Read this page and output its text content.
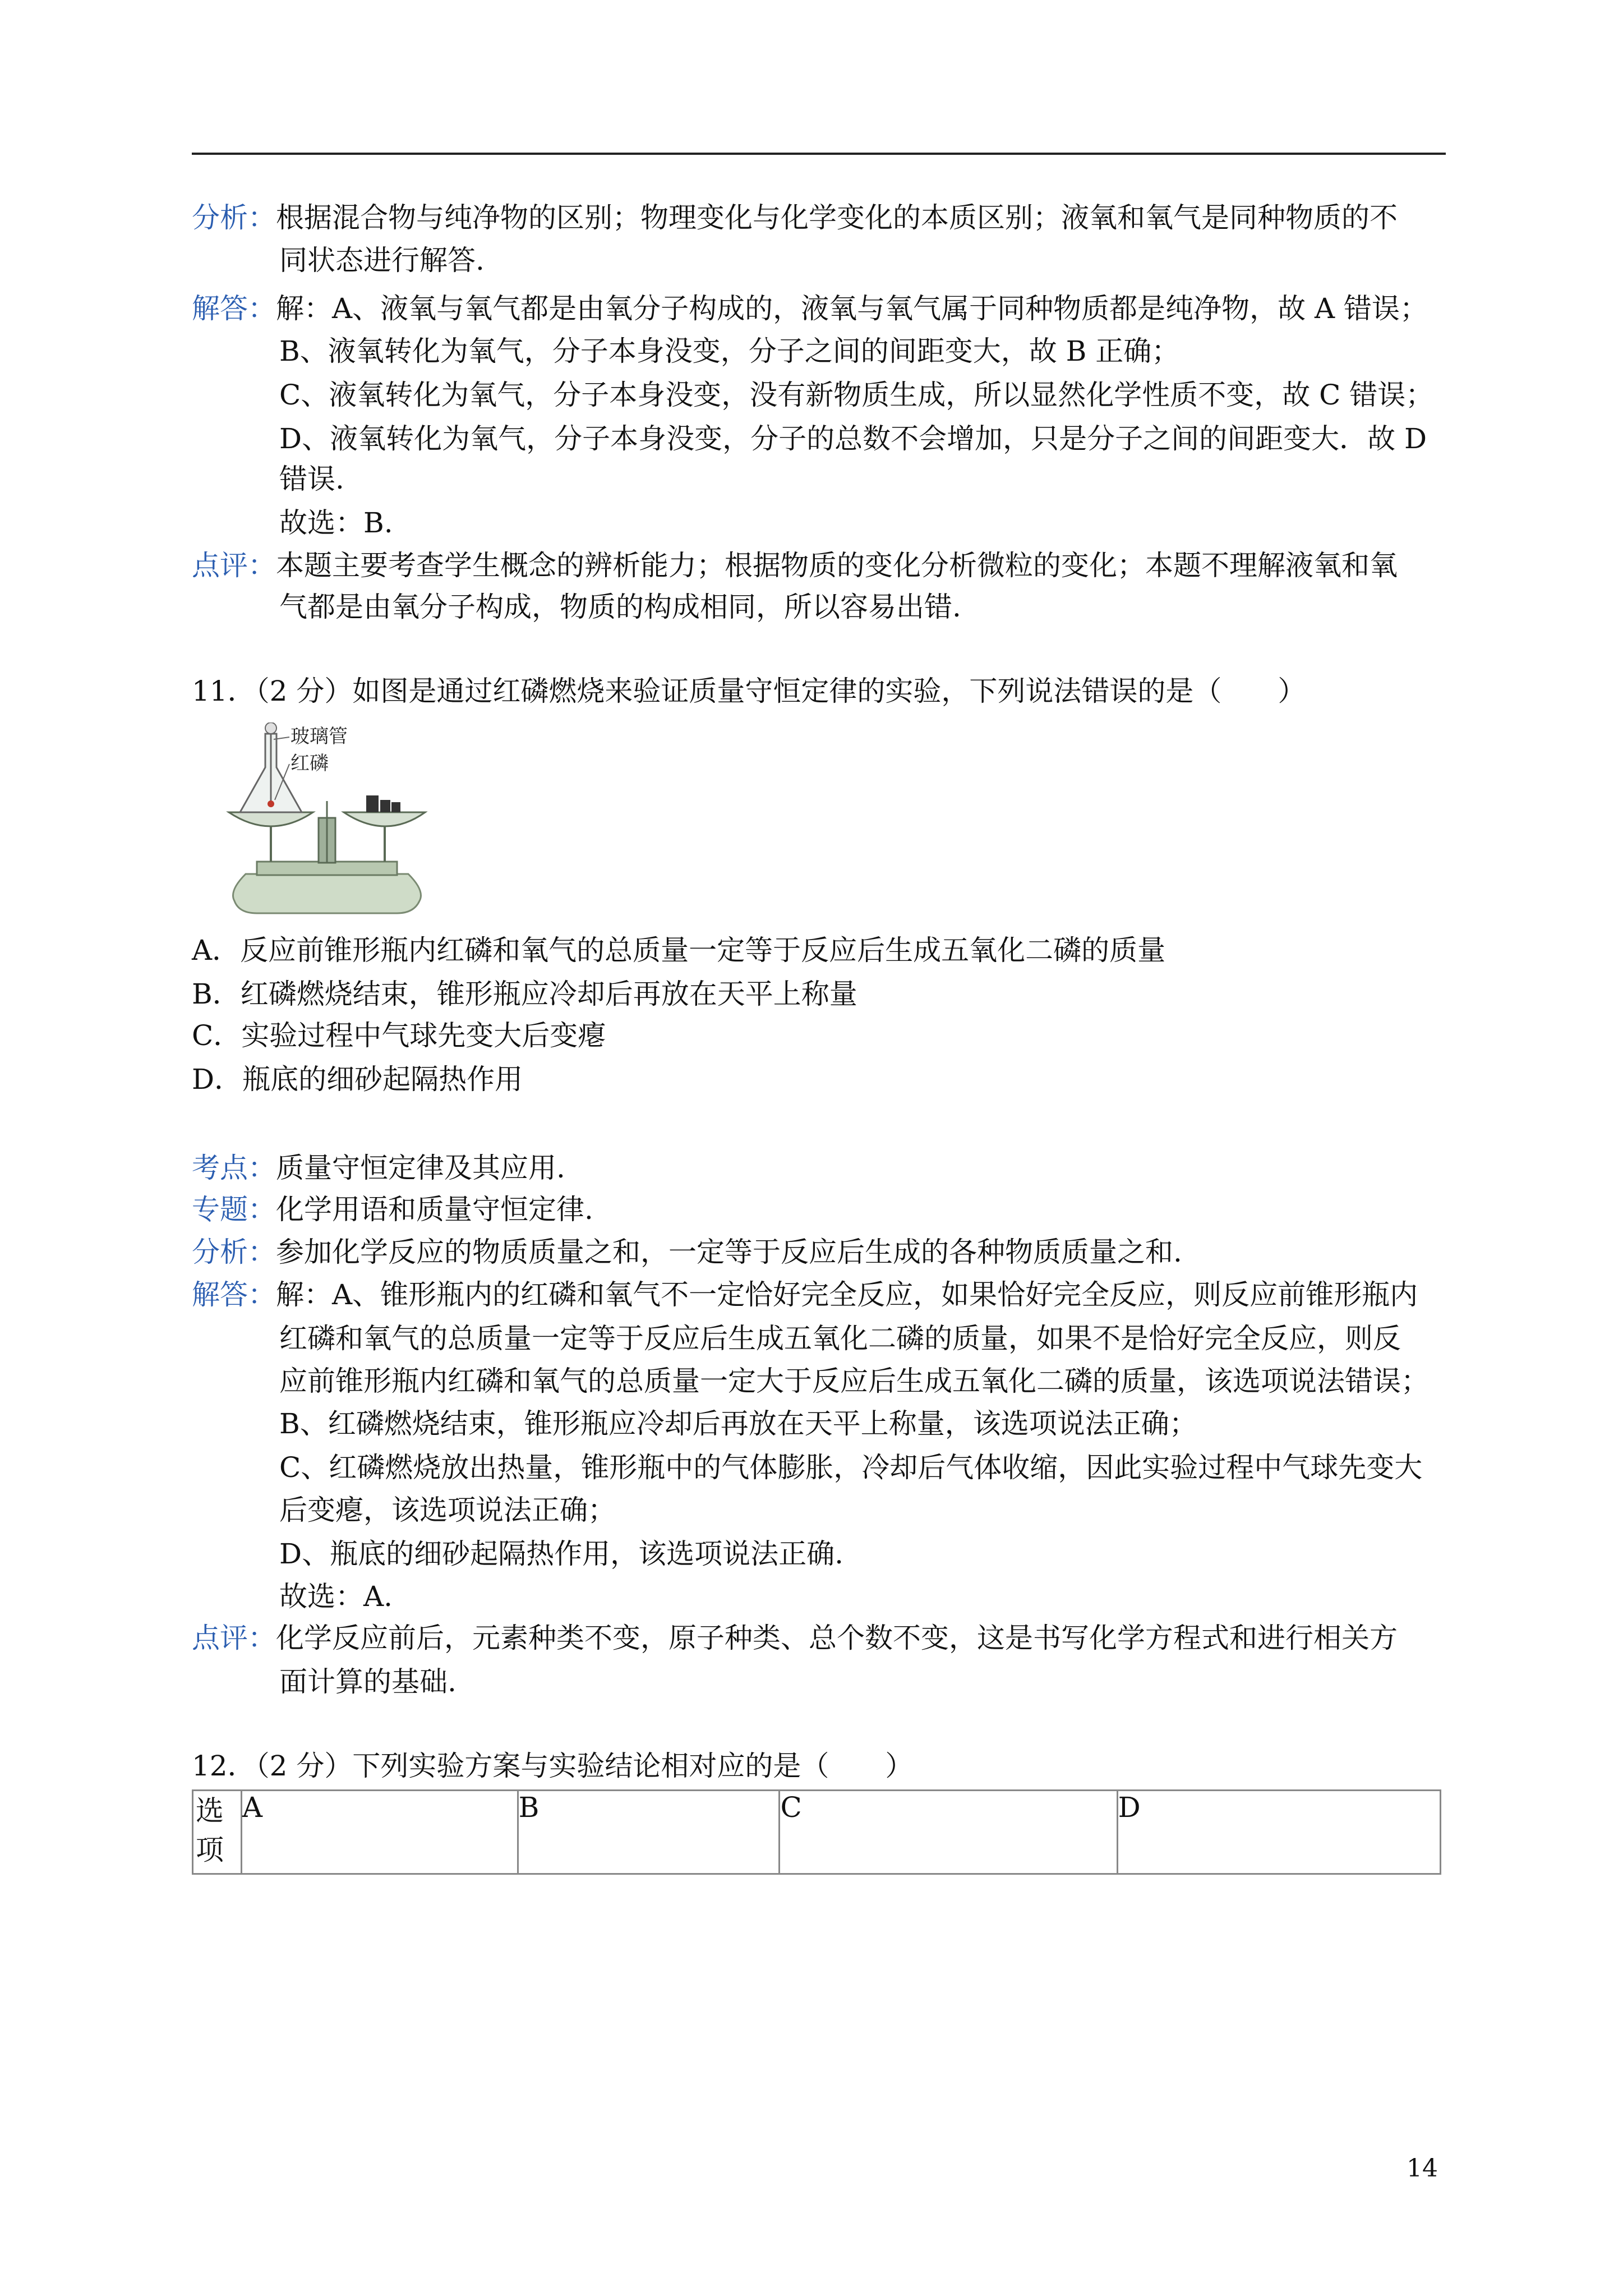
分析：根据混合物与纯净物的区别；物理变化与化学变化的本质区别；液氧和氧气是同种物质的不
同状态进行解答.
解答：解：A、液氧与氧气都是由氧分子构成的，液氧与氧气属于同种物质都是纯净物，故 A 错误；
B、液氧转化为氧气，分子本身没变，分子之间的间距变大，故 B 正确；
C、液氧转化为氧气，分子本身没变，没有新物质生成，所以显然化学性质不变，故 C 错误；
D、液氧转化为氧气，分子本身没变，分子的总数不会增加，只是分子之间的间距变大．故 D
错误.
故选：B.
点评：本题主要考查学生概念的辨析能力；根据物质的变化分析微粒的变化；本题不理解液氧和氧
气都是由氧分子构成，物质的构成相同，所以容易出错.
11．（2 分）如图是通过红磷燃烧来验证质量守恒定律的实验，下列说法错误的是（　　）
玻璃管
红磷
A．反应前锥形瓶内红磷和氧气的总质量一定等于反应后生成五氧化二磷的质量
B．红磷燃烧结束，锥形瓶应冷却后再放在天平上称量
C．实验过程中气球先变大后变瘪
D．瓶底的细砂起隔热作用
考点：质量守恒定律及其应用.
专题：化学用语和质量守恒定律.
分析：参加化学反应的物质质量之和，一定等于反应后生成的各种物质质量之和.
解答：解：A、锥形瓶内的红磷和氧气不一定恰好完全反应，如果恰好完全反应，则反应前锥形瓶内
红磷和氧气的总质量一定等于反应后生成五氧化二磷的质量，如果不是恰好完全反应，则反
应前锥形瓶内红磷和氧气的总质量一定大于反应后生成五氧化二磷的质量，该选项说法错误；
B、红磷燃烧结束，锥形瓶应冷却后再放在天平上称量，该选项说法正确；
C、红磷燃烧放出热量，锥形瓶中的气体膨胀，冷却后气体收缩，因此实验过程中气球先变大
后变瘪，该选项说法正确；
D、瓶底的细砂起隔热作用，该选项说法正确.
故选：A.
点评：化学反应前后，元素种类不变，原子种类、总个数不变，这是书写化学方程式和进行相关方
面计算的基础.
12．（2 分）下列实验方案与实验结论相对应的是（　　）
选项	A	B	C	D
14
